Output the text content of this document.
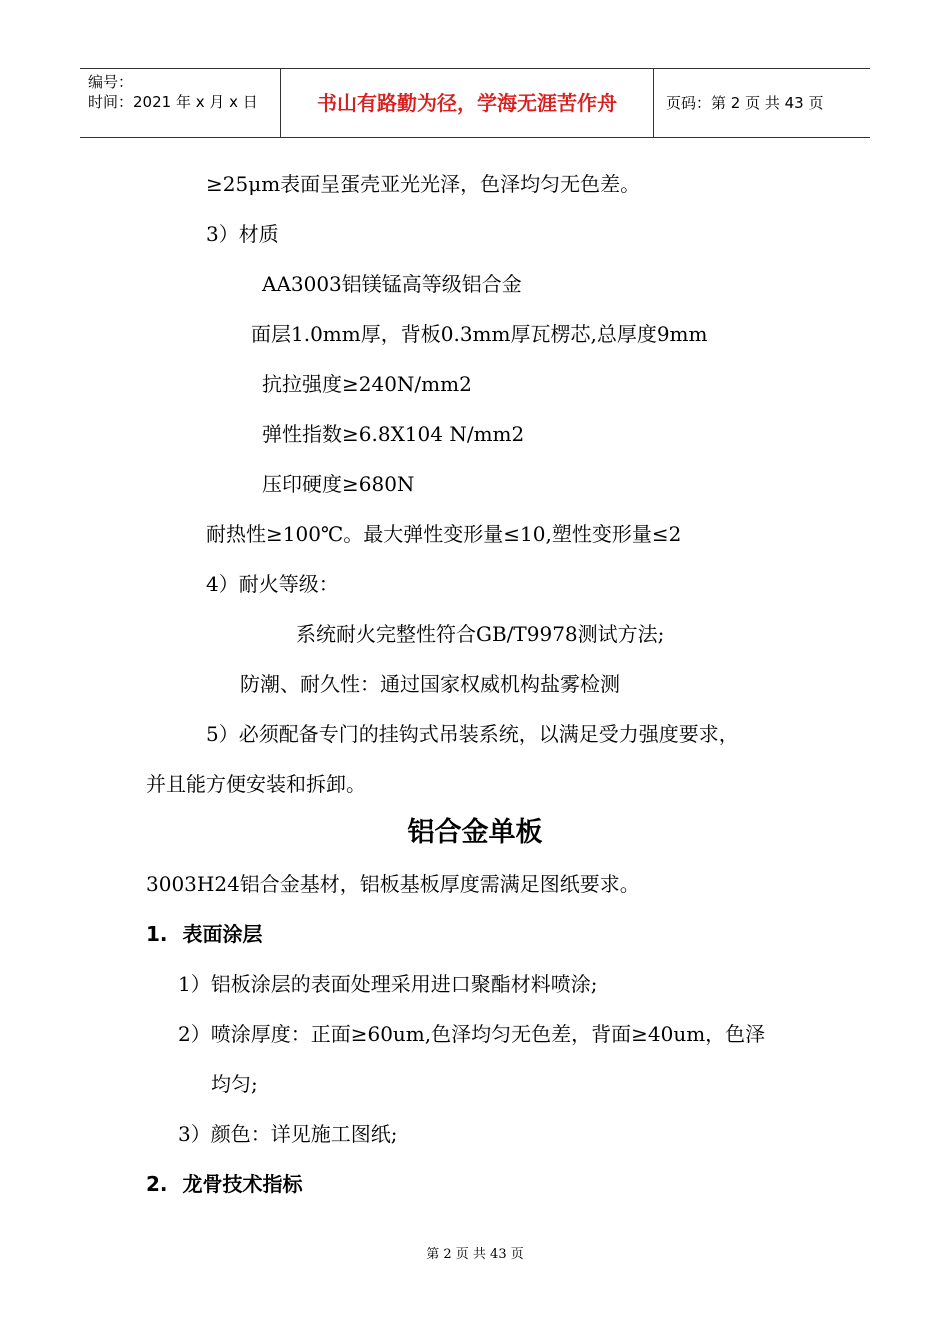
编号：
时间：2021 年 x 月 x 日	书山有路勤为径，学海无涯苦作舟	页码：第 2 页 共 43 页
≥25μm表面呈蛋壳亚光光泽，色泽均匀无色差。
3）材质
AA3003铝镁锰高等级铝合金
面层1.0mm厚，背板0.3mm厚瓦楞芯,总厚度9mm
抗拉强度≥240N/mm2
弹性指数≥6.8X104 N/mm2
压印硬度≥680N
耐热性≥100℃。最大弹性变形量≤10,塑性变形量≤2
4）耐火等级：
系统耐火完整性符合GB/T9978测试方法;
防潮、耐久性：通过国家权威机构盐雾检测
5）必须配备专门的挂钩式吊装系统，以满足受力强度要求，
并且能方便安装和拆卸。
铝合金单板
3003H24铝合金基材，铝板基板厚度需满足图纸要求。
1. 表面涂层
1）铝板涂层的表面处理采用进口聚酯材料喷涂;
2）喷涂厚度：正面≥60um,色泽均匀无色差，背面≥40um，色泽
均匀;
3）颜色：详见施工图纸;
2. 龙骨技术指标
第 2 页 共 43 页
